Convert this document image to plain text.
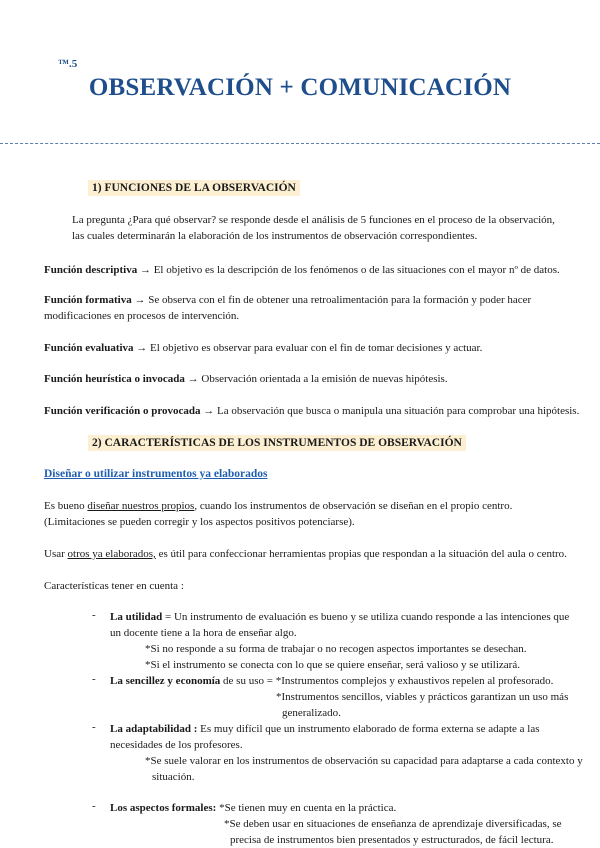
™.5
OBSERVACIÓN + COMUNICACIÓN
1) FUNCIONES DE LA OBSERVACIÓN
La pregunta ¿Para qué observar? se responde desde el análisis de 5 funciones en el proceso de la observación,
las cuales determinarán la elaboración de los instrumentos de observación correspondientes.
Función descriptiva → El objetivo es la descripción de los fenómenos o de las situaciones con el mayor nº de datos.
Función formativa → Se observa con el fin de obtener una retroalimentación para la formación y poder hacer
modificaciones en procesos de intervención.
Función evaluativa → El objetivo es observar para evaluar con el fin de tomar decisiones y actuar.
Función heurística o invocada → Observación orientada a la emisión de nuevas hipótesis.
Función verificación o provocada → La observación que busca o manipula una situación para comprobar una hipótesis.
2) CARACTERÍSTICAS DE LOS INSTRUMENTOS DE OBSERVACIÓN
Diseñar o utilizar instrumentos ya elaborados
Es bueno diseñar nuestros propios, cuando los instrumentos de observación se diseñan en el propio centro.
(Limitaciones se pueden corregir y los aspectos positivos potenciarse).
Usar otros ya elaborados, es útil para confeccionar herramientas propias que respondan a la situación del aula o centro.
Características tener en cuenta :
- La utilidad = Un instrumento de evaluación es bueno y se utiliza cuando responde a las intenciones que
un docente tiene a la hora de enseñar algo.
*Si no responde a su forma de trabajar o no recogen aspectos importantes se desechan.
*Si el instrumento se conecta con lo que se quiere enseñar, será valioso y se utilizará.
- La sencillez y economía de su uso = *Instrumentos complejos y exhaustivos repelen al profesorado.
*Instrumentos sencillos, viables y prácticos garantizan un uso más
generalizado.
- La adaptabilidad : Es muy difícil que un instrumento elaborado de forma externa se adapte a las
necesidades de los profesores.
*Se suele valorar en los instrumentos de observación su capacidad para adaptarse a cada contexto y
situación.
- Los aspectos formales: *Se tienen muy en cuenta en la práctica.
*Se deben usar en situaciones de enseñanza de aprendizaje diversificadas, se
precisa de instrumentos bien presentados y estructurados, de fácil lectura.
